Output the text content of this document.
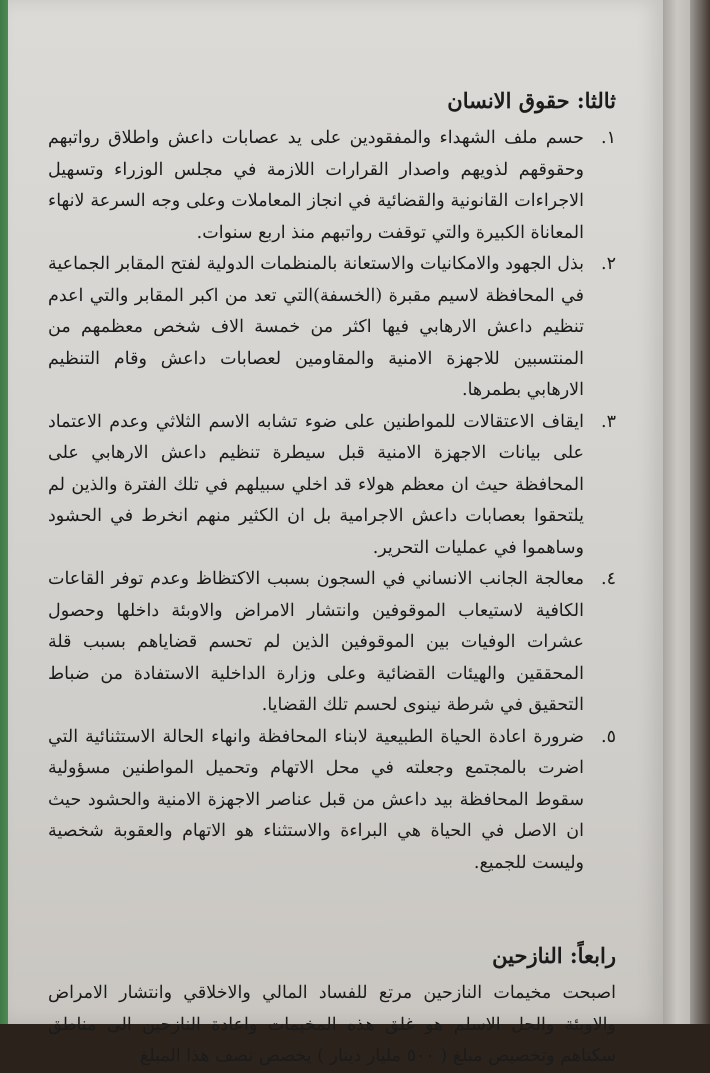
ثالثا: حقوق الانسان
.١
حسم ملف الشهداء والمفقودين على يد عصابات داعش واطلاق رواتبهم وحقوقهم لذويهم واصدار القرارات اللازمة في مجلس الوزراء وتسهيل الاجراءات القانونية والقضائية في انجاز المعاملات وعلى وجه السرعة لانهاء المعاناة الكبيرة والتي توقفت رواتبهم منذ اربع سنوات.
.٢
بذل الجهود والامكانيات والاستعانة بالمنظمات الدولية لفتح المقابر الجماعية في المحافظة لاسيم مقبرة (الخسفة)التي تعد من اكبر المقابر والتي اعدم تنظيم داعش الارهابي فيها اكثر من خمسة الاف شخص معظمهم من المنتسبين للاجهزة الامنية والمقاومين لعصابات داعش وقام التنظيم الارهابي بطمرها.
.٣
ايقاف الاعتقالات للمواطنين على ضوء تشابه الاسم الثلاثي وعدم الاعتماد على بيانات الاجهزة الامنية قبل سيطرة تنظيم داعش الارهابي على المحافظة حيث ان معظم هولاء قد اخلي سبيلهم في تلك الفترة والذين لم يلتحقوا بعصابات داعش الاجرامية بل ان الكثير منهم انخرط في الحشود وساهموا في عمليات التحرير.
.٤
معالجة الجانب الانساني في السجون بسبب الاكتظاظ وعدم توفر القاعات الكافية لاستيعاب الموقوفين وانتشار الامراض والاوبئة داخلها وحصول عشرات الوفيات بين الموقوفين الذين لم تحسم قضاياهم بسبب قلة المحققين والهيئات القضائية وعلى وزارة الداخلية الاستفادة من ضباط التحقيق في شرطة نينوى لحسم تلك القضايا.
.٥
ضرورة اعادة الحياة الطبيعية لابناء المحافظة وانهاء الحالة الاستثنائية التي اضرت بالمجتمع وجعلته في محل الاتهام وتحميل المواطنين مسؤولية سقوط المحافظة بيد داعش من قبل عناصر الاجهزة الامنية والحشود حيث ان الاصل في الحياة هي البراءة والاستثناء هو الاتهام والعقوبة شخصية وليست للجميع.
رابعاً: النازحين

اصبحت مخيمات النازحين مرتع للفساد المالي والاخلاقي وانتشار الامراض والاوبئة والحل الاسلم هو غلق هذه المخيمات واعادة النازحين الى مناطق سكناهم وتخصيص مبلغ ( ٥٠٠ مليار دينار ) يخصص نصف هذا المبلغ
